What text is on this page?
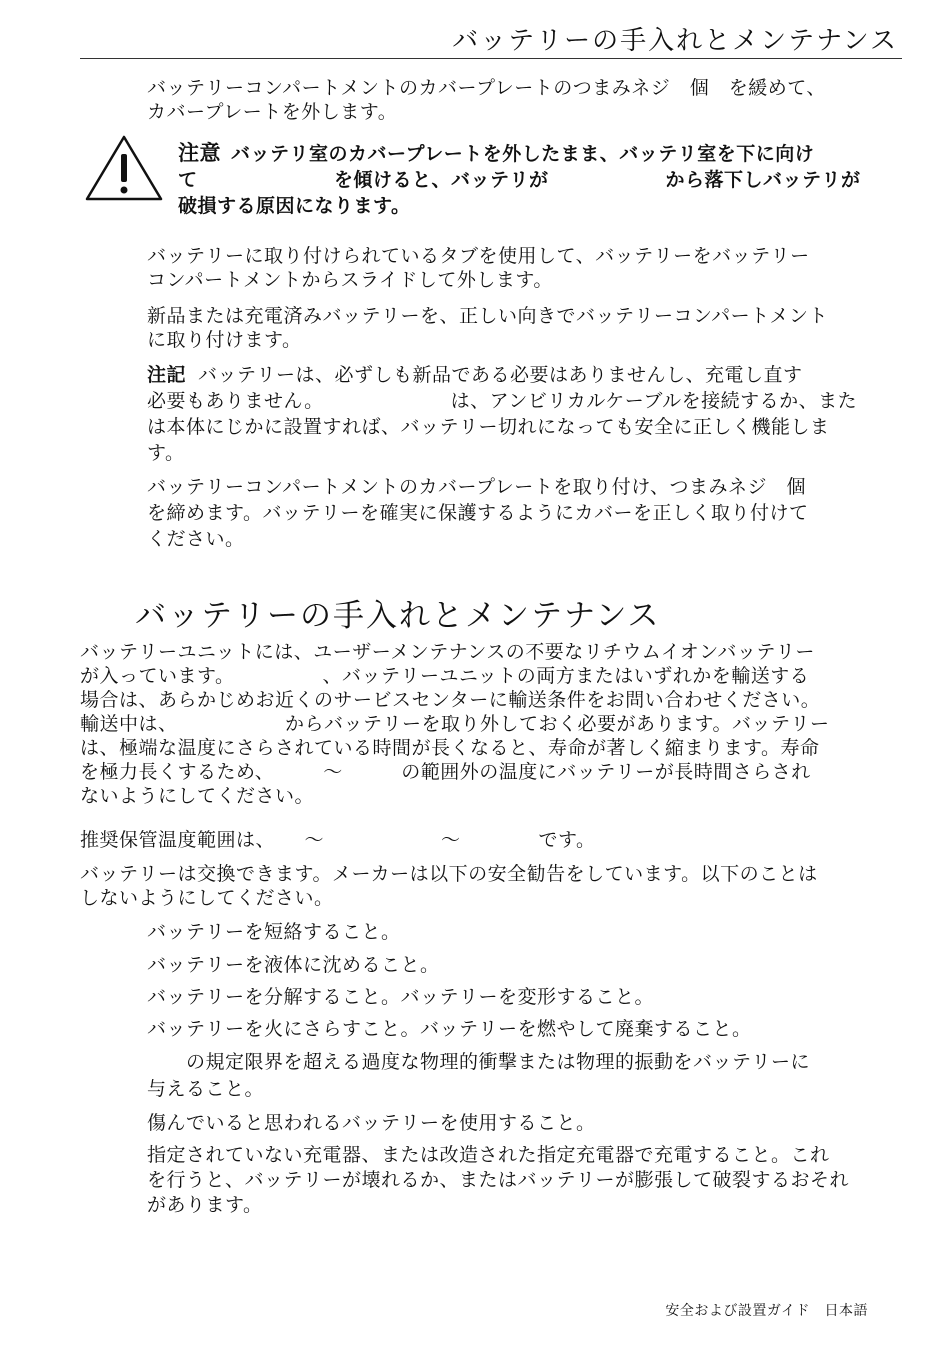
バッテリーの手入れとメンテナンス
バッテリーコンパートメントのカバープレートのつまみネジ　個　を緩めて、
カバープレートを外します。
注意 バッテリ室のカバープレートを外したまま、バッテリ室を下に向け
て　　　　　　　を傾けると、バッテリが　　　　　　から落下しバッテリが
破損する原因になります。
バッテリーに取り付けられているタブを使用して、バッテリーをバッテリー
コンパートメントからスライドして外します。
新品または充電済みバッテリーを、正しい向きでバッテリーコンパートメント
に取り付けます。
注記 バッテリーは、必ずしも新品である必要はありませんし、充電し直す
必要もありません。　　　　　　　は、アンビリカルケーブルを接続するか、また
は本体にじかに設置すれば、バッテリー切れになっても安全に正しく機能しま
す。
バッテリーコンパートメントのカバープレートを取り付け、つまみネジ　個
を締めます。バッテリーを確実に保護するようにカバーを正しく取り付けて
ください。
バッテリーの手入れとメンテナンス
バッテリーユニットには、ユーザーメンテナンスの不要なリチウムイオンバッテリー
が入っています。　　　　　、バッテリーユニットの両方またはいずれかを輸送する
場合は、あらかじめお近くのサービスセンターに輸送条件をお問い合わせください。
輸送中は、　　　　　　からバッテリーを取り外しておく必要があります。バッテリー
は、極端な温度にさらされている時間が長くなると、寿命が著しく縮まります。寿命
を極力長くするため、　　　～　　　の範囲外の温度にバッテリーが長時間さらされ
ないようにしてください。
推奨保管温度範囲は、　　～　　　　　　～　　　　です。
バッテリーは交換できます。メーカーは以下の安全勧告をしています。以下のことは
しないようにしてください。
バッテリーを短絡すること。
バッテリーを液体に沈めること。
バッテリーを分解すること。バッテリーを変形すること。
バッテリーを火にさらすこと。バッテリーを燃やして廃棄すること。
　　の規定限界を超える過度な物理的衝撃または物理的振動をバッテリーに
与えること。
傷んでいると思われるバッテリーを使用すること。
指定されていない充電器、または改造された指定充電器で充電すること。これ
を行うと、バッテリーが壊れるか、またはバッテリーが膨張して破裂するおそれ
があります。
安全および設置ガイド　日本語
